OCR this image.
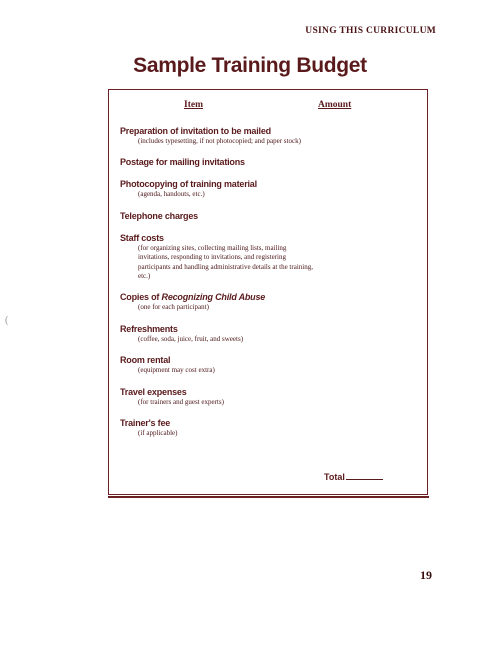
USING THIS CURRICULUM
Sample Training Budget
(
Item	Amount
Preparation of invitation to be mailed
(includes typesetting, if not photocopied; and paper stock)
Postage for mailing invitations
Photocopying of training material
(agenda, handouts, etc.)
Telephone charges
Staff costs
(for organizing sites, collecting mailing lists, mailing invitations, responding to invitations, and registering participants and handling administrative details at the training, etc.)
Copies of Recognizing Child Abuse
(one for each participant)
Refreshments
(coffee, soda, juice, fruit, and sweets)
Room rental
(equipment may cost extra)
Travel expenses
(for trainers and guest experts)
Trainer's fee
(if applicable)
Total
19
